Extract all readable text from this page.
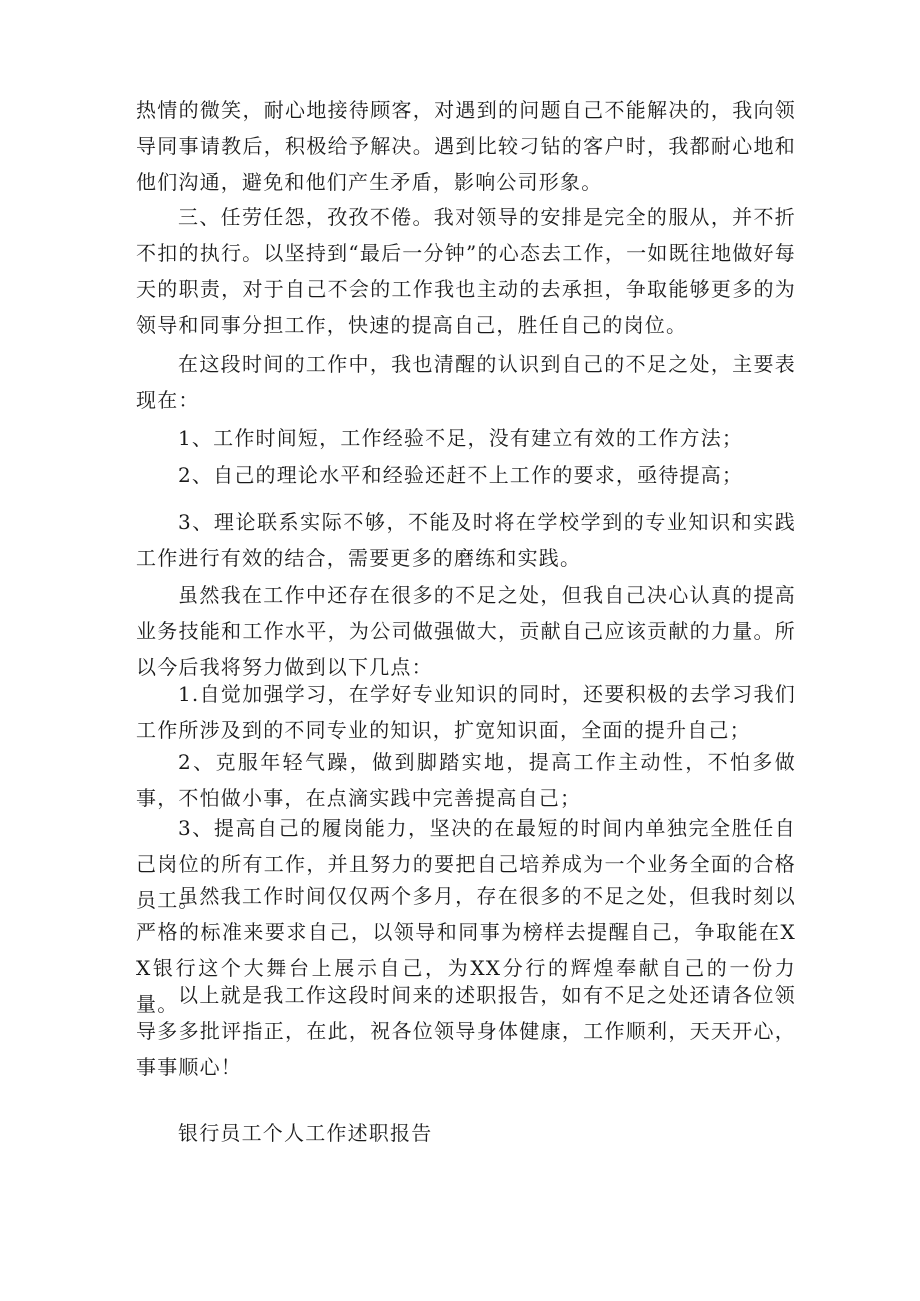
热情的微笑，耐心地接待顾客，对遇到的问题自己不能解决的，我向领导同事请教后，积极给予解决。遇到比较刁钻的客户时，我都耐心地和他们沟通，避免和他们产生矛盾，影响公司形象。

三、任劳任怨，孜孜不倦。我对领导的安排是完全的服从，并不折不扣的执行。以坚持到“最后一分钟”的心态去工作，一如既往地做好每天的职责，对于自己不会的工作我也主动的去承担，争取能够更多的为领导和同事分担工作，快速的提高自己，胜任自己的岗位。

在这段时间的工作中，我也清醒的认识到自己的不足之处，主要表现在：

1、工作时间短，工作经验不足，没有建立有效的工作方法；

2、自己的理论水平和经验还赶不上工作的要求，亟待提高；

3、理论联系实际不够，不能及时将在学校学到的专业知识和实践工作进行有效的结合，需要更多的磨练和实践。

虽然我在工作中还存在很多的不足之处，但我自己决心认真的提高业务技能和工作水平，为公司做强做大，贡献自己应该贡献的力量。所以今后我将努力做到以下几点：

1.自觉加强学习，在学好专业知识的同时，还要积极的去学习我们工作所涉及到的不同专业的知识，扩宽知识面，全面的提升自己；

2、克服年轻气躁，做到脚踏实地，提高工作主动性，不怕多做事，不怕做小事，在点滴实践中完善提高自己；

3、提高自己的履岗能力，坚决的在最短的时间内单独完全胜任自己岗位的所有工作，并且努力的要把自己培养成为一个业务全面的合格员工。

虽然我工作时间仅仅两个多月，存在很多的不足之处，但我时刻以严格的标准来要求自己，以领导和同事为榜样去提醒自己，争取能在XX银行这个大舞台上展示自己，为XX分行的辉煌奉献自己的一份力量。 以上就是我工作这段时间来的述职报告，如有不足之处还请各位领导多多批评指正，在此，祝各位领导身体健康，工作顺利，天天开心，事事顺心！

银行员工个人工作述职报告
